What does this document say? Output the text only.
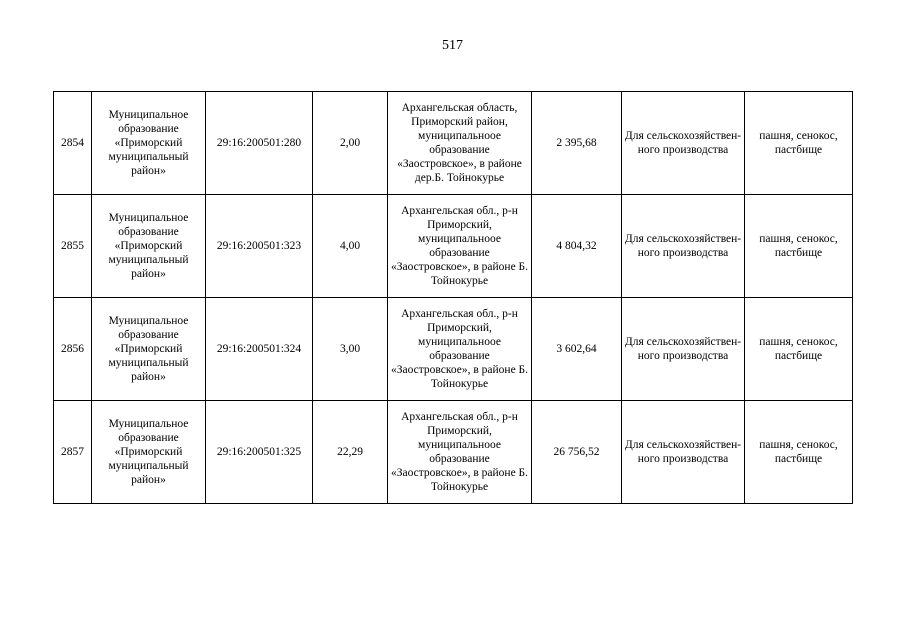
517
2854	Муниципальное образование «Приморский муниципальный район»	29:16:200501:280	2,00	Архангельская область, Приморский район, муниципальноое образование «Заостровское», в районе дер.Б. Тойнокурье	2 395,68	Для сельскохозяйствен-ного производства	пашня, сенокос, пастбище
2855	Муниципальное образование «Приморский муниципальный район»	29:16:200501:323	4,00	Архангельская обл., р-н Приморский, муниципальноое образование «Заостровское», в районе Б. Тойнокурье	4 804,32	Для сельскохозяйствен-ного производства	пашня, сенокос, пастбище
2856	Муниципальное образование «Приморский муниципальный район»	29:16:200501:324	3,00	Архангельская обл., р-н Приморский, муниципальноое образование «Заостровское», в районе Б. Тойнокурье	3 602,64	Для сельскохозяйствен-ного производства	пашня, сенокос, пастбище
2857	Муниципальное образование «Приморский муниципальный район»	29:16:200501:325	22,29	Архангельская обл., р-н Приморский, муниципальноое образование «Заостровское», в районе Б. Тойнокурье	26 756,52	Для сельскохозяйствен-ного производства	пашня, сенокос, пастбище
